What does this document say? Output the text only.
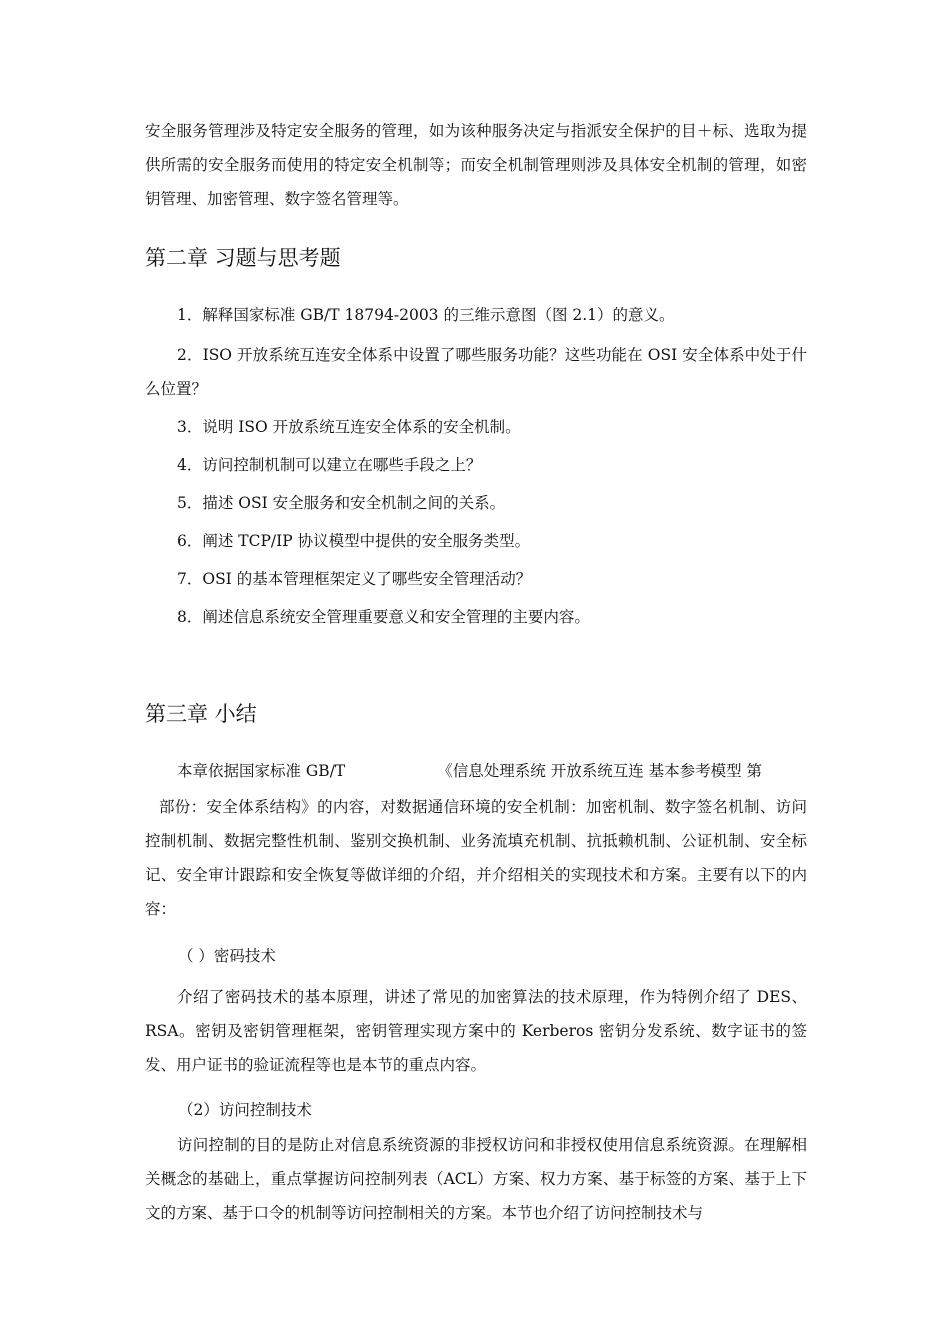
安全服务管理涉及特定安全服务的管理，如为该种服务决定与指派安全保护的目＋标、选取为提供所需的安全服务而使用的特定安全机制等；而安全机制管理则涉及具体安全机制的管理，如密钥管理、加密管理、数字签名管理等。

第二章 习题与思考题

1．解释国家标准 GB/T 18794-2003 的三维示意图（图 2.1）的意义。

2．ISO 开放系统互连安全体系中设置了哪些服务功能？这些功能在 OSI 安全体系中处于什么位置？

3．说明 ISO 开放系统互连安全体系的安全机制。

4．访问控制机制可以建立在哪些手段之上？

5．描述 OSI 安全服务和安全机制之间的关系。

6．阐述 TCP/IP 协议模型中提供的安全服务类型。

7．OSI 的基本管理框架定义了哪些安全管理活动？

8．阐述信息系统安全管理重要意义和安全管理的主要内容。

第三章 小结

本章依据国家标准 GB/T	《信息处理系统 开放系统互连 基本参考模型 第

部份：安全体系结构》的内容，对数据通信环境的安全机制：加密机制、数字签名机制、访问控制机制、数据完整性机制、鉴别交换机制、业务流填充机制、抗抵赖机制、公证机制、安全标记、安全审计跟踪和安全恢复等做详细的介绍，并介绍相关的实现技术和方案。主要有以下的内容：

（ ）密码技术

介绍了密码技术的基本原理，讲述了常见的加密算法的技术原理，作为特例介绍了 DES、RSA。密钥及密钥管理框架，密钥管理实现方案中的 Kerberos 密钥分发系统、数字证书的签发、用户证书的验证流程等也是本节的重点内容。

（2）访问控制技术

访问控制的目的是防止对信息系统资源的非授权访问和非授权使用信息系统资源。在理解相关概念的基础上，重点掌握访问控制列表（ACL）方案、权力方案、基于标签的方案、基于上下文的方案、基于口令的机制等访问控制相关的方案。本节也介绍了访问控制技术与
